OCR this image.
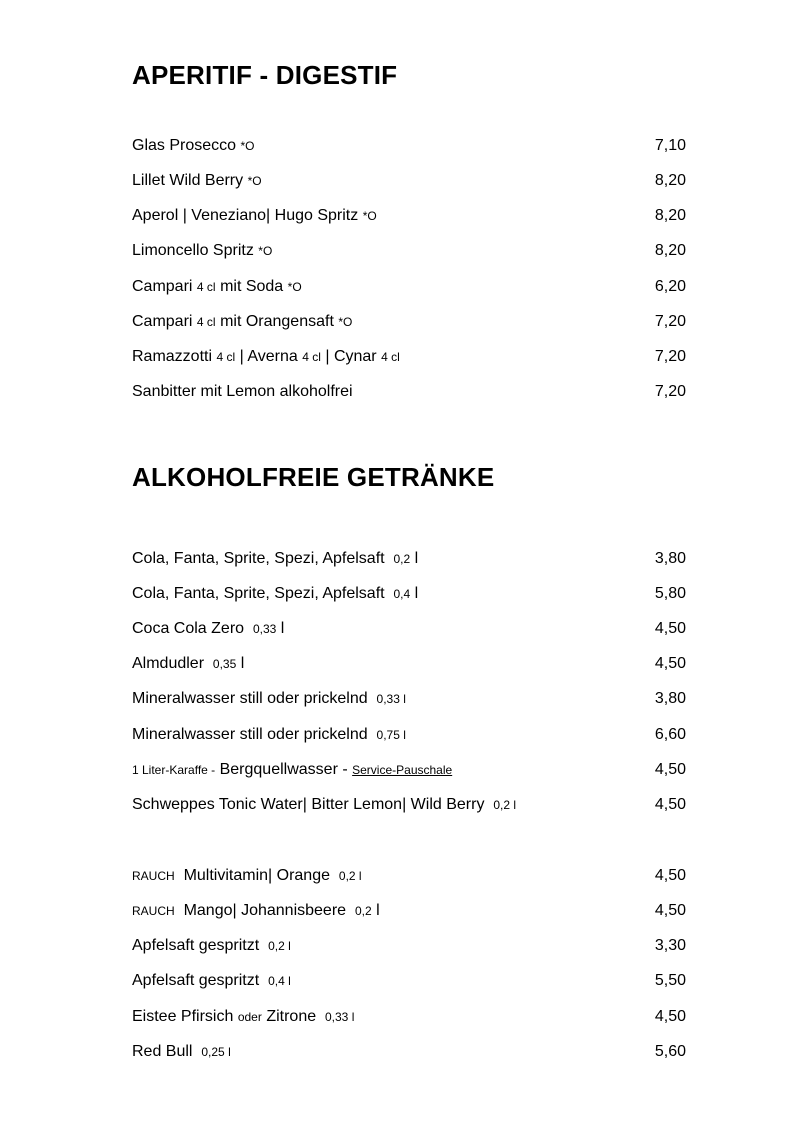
APERITIF - DIGESTIF
Glas Prosecco *O	7,10
Lillet Wild Berry *O	8,20
Aperol | Veneziano| Hugo Spritz *O	8,20
Limoncello Spritz *O	8,20
Campari 4 cl mit Soda *O	6,20
Campari 4 cl mit Orangensaft *O	7,20
Ramazzotti 4 cl | Averna 4 cl | Cynar 4 cl	7,20
Sanbitter mit Lemon alkoholfrei	7,20
ALKOHOLFREIE GETRÄNKE
Cola, Fanta, Sprite, Spezi, Apfelsaft 0,2 l	3,80
Cola, Fanta, Sprite, Spezi, Apfelsaft 0,4 l	5,80
Coca Cola Zero 0,33 l	4,50
Almdudler 0,35 l	4,50
Mineralwasser still oder prickelnd 0,33 l	3,80
Mineralwasser still oder prickelnd 0,75 l	6,60
1 Liter-Karaffe - Bergquellwasser - Service-Pauschale	4,50
Schweppes Tonic Water| Bitter Lemon| Wild Berry 0,2 l	4,50
RAUCH Multivitamin| Orange 0,2 l	4,50
RAUCH Mango| Johannisbeere 0,2 l	4,50
Apfelsaft gespritzt 0,2 l	3,30
Apfelsaft gespritzt 0,4 l	5,50
Eistee Pfirsich oder Zitrone 0,33 l	4,50
Red Bull 0,25 l	5,60
